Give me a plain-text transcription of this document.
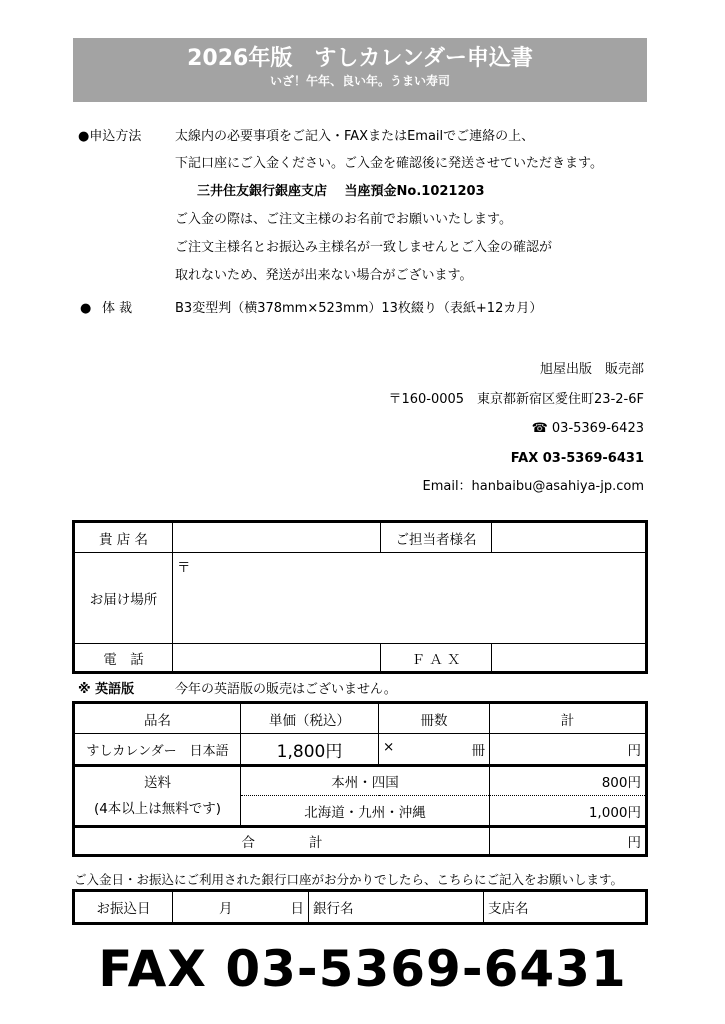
2026年版　すしカレンダー申込書
いざ！午年、良い年。うまい寿司
●申込方法	太線内の必要事項をご記入・FAXまたはEmailでご連絡の上、
下記口座にご入金ください。ご入金を確認後に発送させていただきます。
三井住友銀行銀座支店　 当座預金No.1021203
ご入金の際は、ご注文主様のお名前でお願いいたします。
ご注文主様名とお振込み主様名が一致しませんとご入金の確認が
取れないため、発送が出来ない場合がございます。
● 体 裁	B3変型判（横378mm×523mm）13枚綴り（表紙+12カ月）
旭屋出版　販売部
〒160-0005　東京都新宿区愛住町23-2-6F
☎ 03-5369-6423
FAX 03-5369-6431
Email：hanbaibu@asahiya-jp.com
貴 店 名		ご担当者様名	
お届け場所	〒		
電　話		Ｆ Ａ Ｘ	
※ 英語版	今年の英語版の販売はございません。
品名	単価（税込）	冊数	計
すしカレンダー　日本語	1,800円	× 冊	円

送料
(4本以上は無料です)	本州・四国		800円
	北海道・九州・沖縄		1,000円
合　　　　計			円
ご入金日・お振込にご利用された銀行口座がお分かりでしたら、こちらにご記入をお願いします。
お振込日	月	日	銀行名	支店名
FAX 03-5369-6431
